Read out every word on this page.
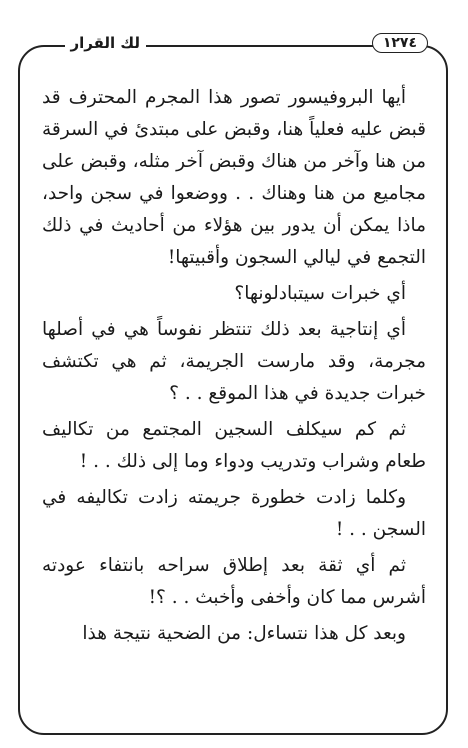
١٢٧٤
لك القرار

أيها البروفيسور تصور هذا المجرم المحترف قد قبض عليه فعلياً هنا، وقبض على مبتدئ في السرقة من هنا وآخر من هناك وقبض آخر مثله، وقبض على مجاميع من هنا وهناك . . ووضعوا في سجن واحد، ماذا يمكن أن يدور بين هؤلاء من أحاديث في ذلك التجمع في ليالي السجون وأقبيتها!

أي خبرات سيتبادلونها؟

أي إنتاجية بعد ذلك تنتظر نفوساً هي في أصلها مجرمة، وقد مارست الجريمة، ثم هي تكتشف خبرات جديدة في هذا الموقع . . ؟

ثم كم سيكلف السجين المجتمع من تكاليف طعام وشراب وتدريب ودواء وما إلى ذلك . . !

وكلما زادت خطورة جريمته زادت تكاليفه في السجن . . !

ثم أي ثقة بعد إطلاق سراحه بانتفاء عودته أشرس مما كان وأخفى وأخبث . . ؟!

وبعد كل هذا نتساءل: من الضحية نتيجة هذا
